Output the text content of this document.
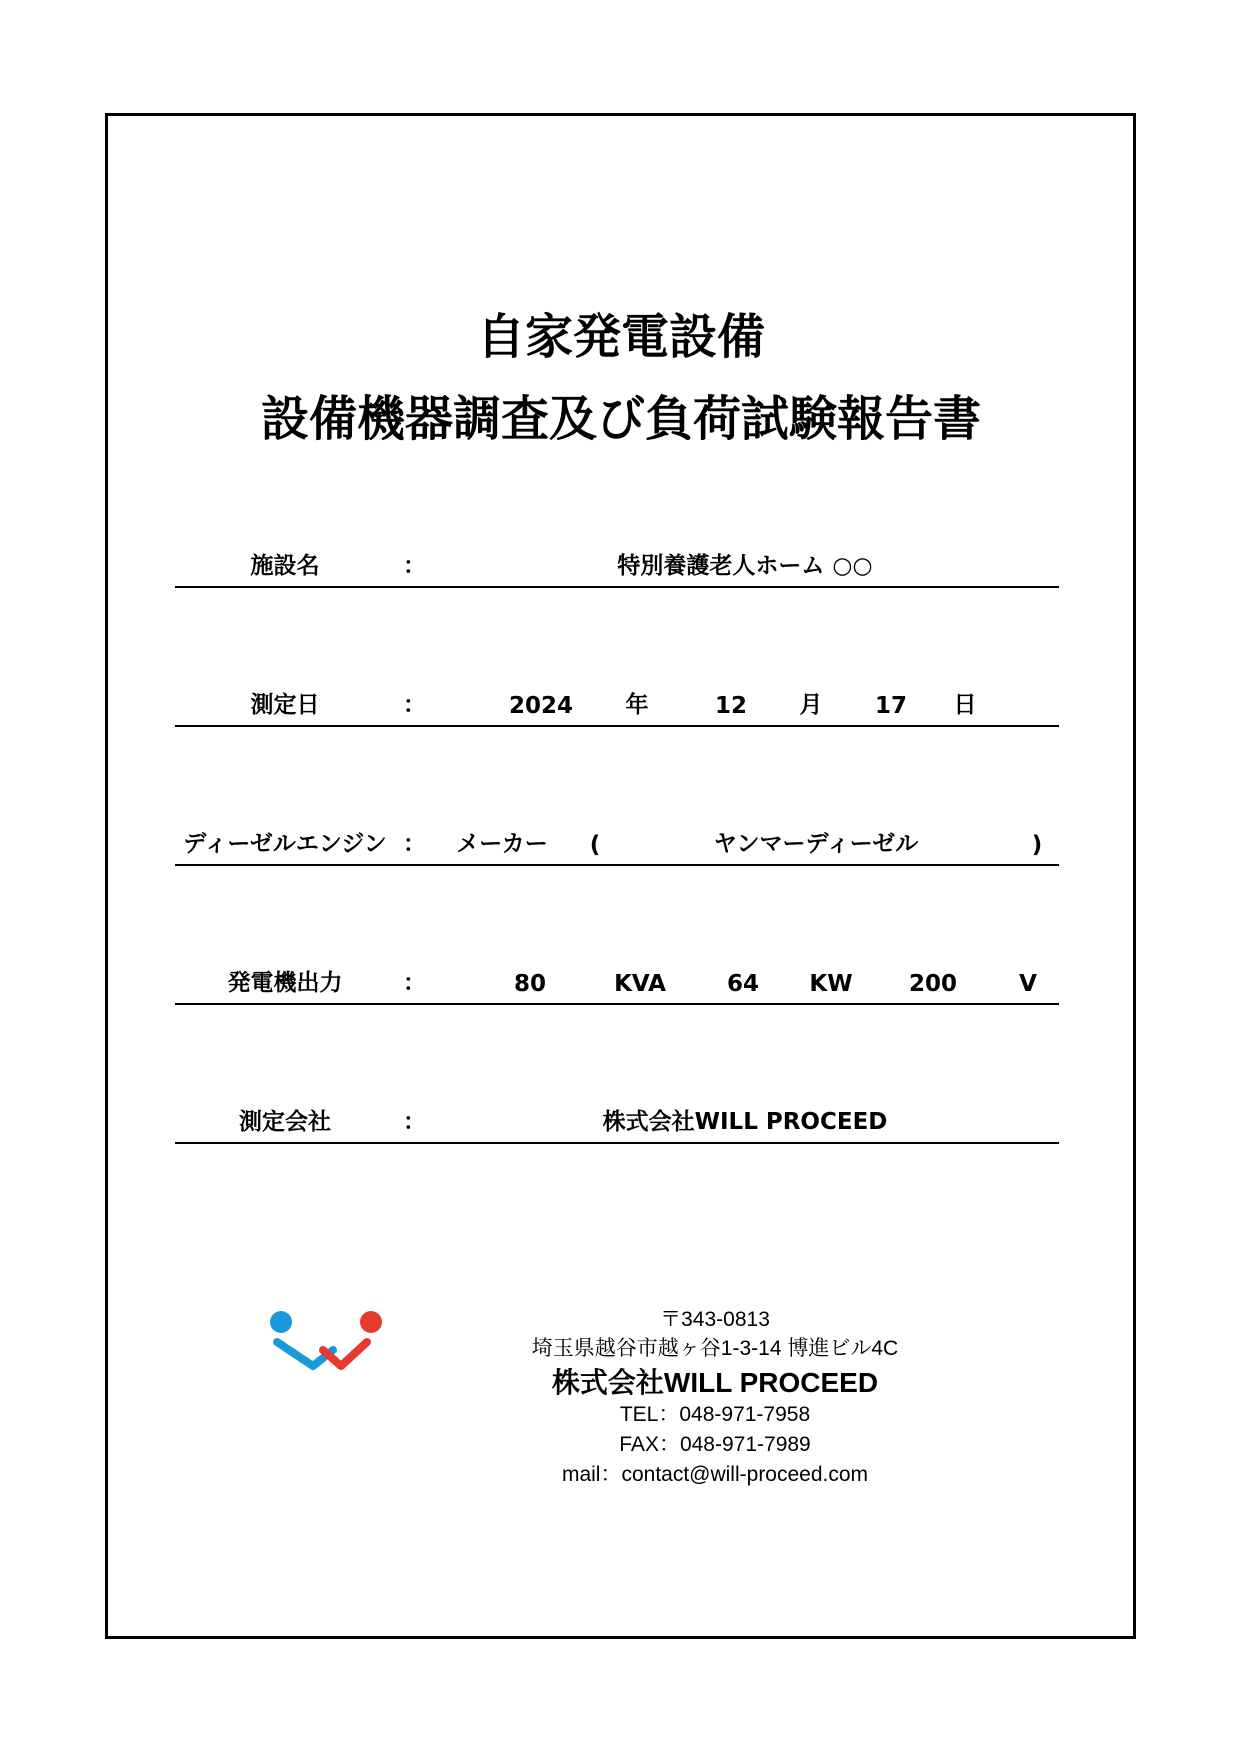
自家発電設備
設備機器調査及び負荷試験報告書
施設名	：	特別養護老人ホーム ○○
測定日	：	2024 年	12 月 17 日
ディーゼルエンジン ： メーカー (	ヤンマーディーゼル	)
発電機出力	：	80	KVA	64 KW 200	V
測定会社	：	株式会社WILL PROCEED
〒343-0813
埼玉県越谷市越ヶ谷1-3-14 博進ビル4C
株式会社WILL PROCEED
TEL：048-971-7958
FAX：048-971-7989
mail：contact@will-proceed.com
